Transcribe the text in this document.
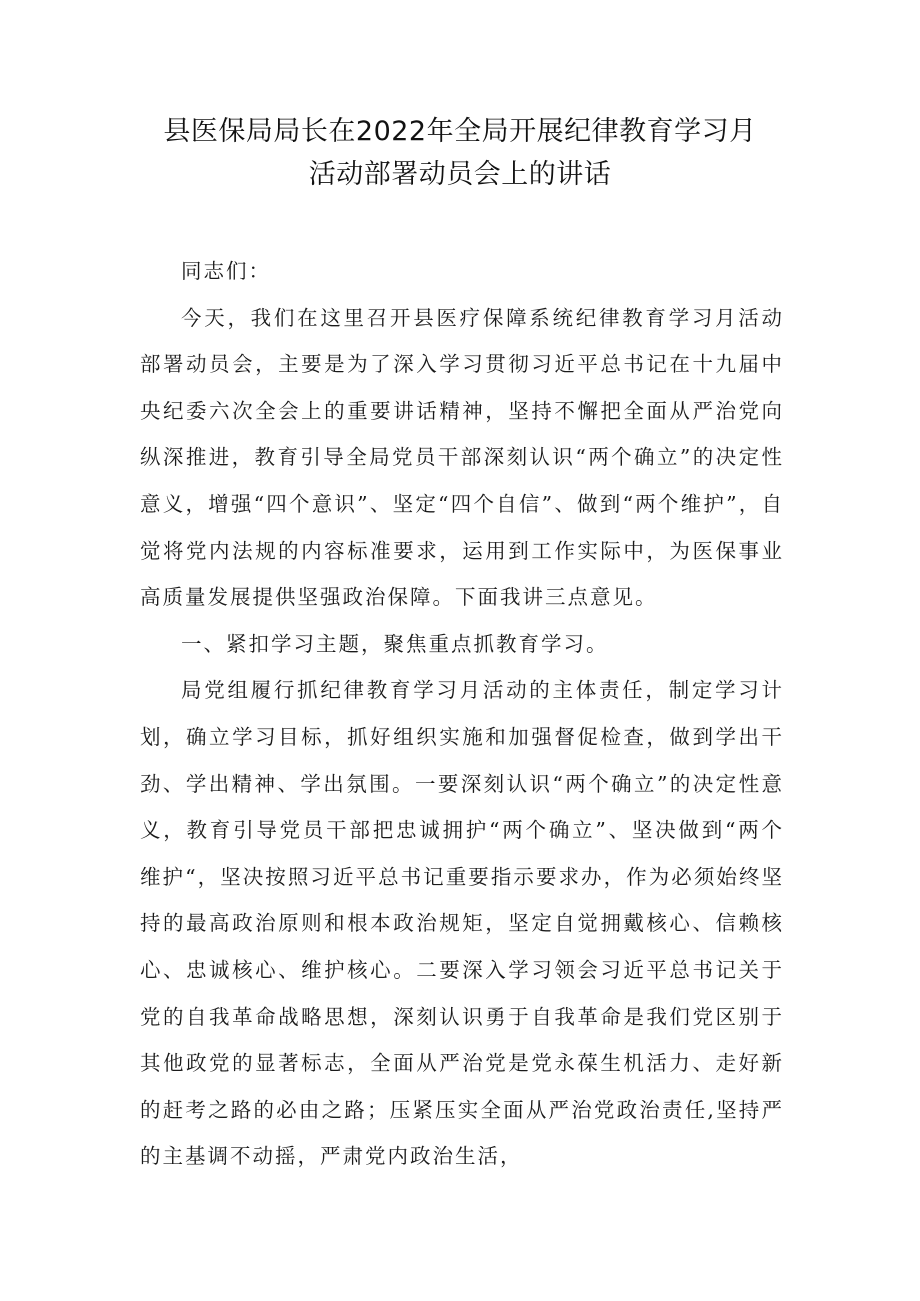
县医保局局长在2022年全局开展纪律教育学习月
活动部署动员会上的讲话

同志们：

今天，我们在这里召开县医疗保障系统纪律教育学习月活动部署动员会，主要是为了深入学习贯彻习近平总书记在十九届中央纪委六次全会上的重要讲话精神，坚持不懈把全面从严治党向纵深推进，教育引导全局党员干部深刻认识“两个确立”的决定性意义，增强“四个意识”、坚定“四个自信”、做到“两个维护”，自觉将党内法规的内容标准要求，运用到工作实际中，为医保事业高质量发展提供坚强政治保障。下面我讲三点意见。

一、紧扣学习主题，聚焦重点抓教育学习。

局党组履行抓纪律教育学习月活动的主体责任，制定学习计划，确立学习目标，抓好组织实施和加强督促检查，做到学出干劲、学出精神、学出氛围。一要深刻认识“两个确立”的决定性意义，教育引导党员干部把忠诚拥护“两个确立”、坚决做到“两个维护“，坚决按照习近平总书记重要指示要求办，作为必须始终坚持的最高政治原则和根本政治规矩，坚定自觉拥戴核心、信赖核心、忠诚核心、维护核心。二要深入学习领会习近平总书记关于党的自我革命战略思想，深刻认识勇于自我革命是我们党区别于其他政党的显著标志，全面从严治党是党永葆生机活力、走好新的赶考之路的必由之路；压紧压实全面从严治党政治责任,坚持严的主基调不动摇，严肃党内政治生活，
